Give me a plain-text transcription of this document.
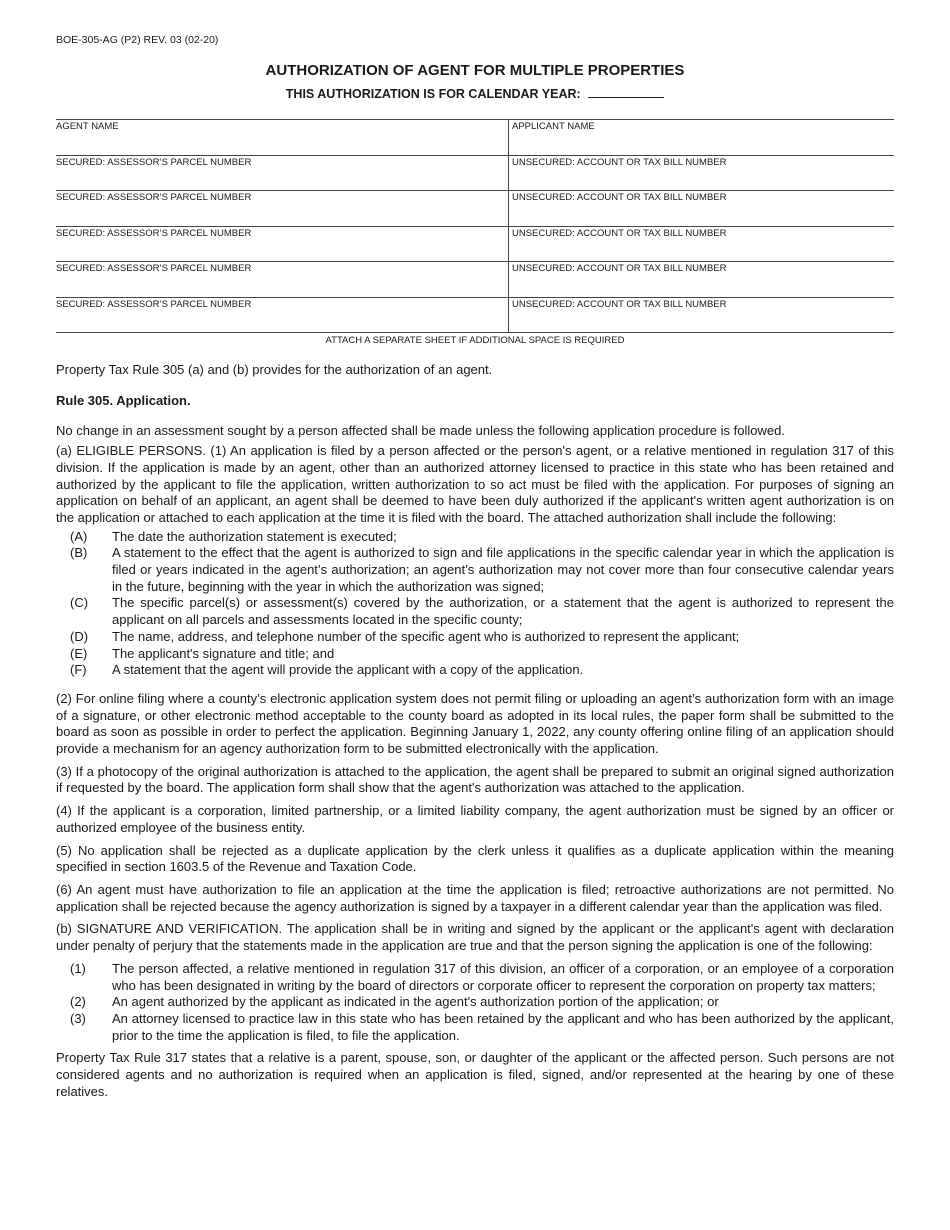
BOE-305-AG (P2) REV. 03 (02-20)
AUTHORIZATION OF AGENT FOR MULTIPLE PROPERTIES
THIS AUTHORIZATION IS FOR CALENDAR YEAR:
AGENT NAME	APPLICANT NAME
SECURED: ASSESSOR’S PARCEL NUMBER	UNSECURED: ACCOUNT OR TAX BILL NUMBER
SECURED: ASSESSOR’S PARCEL NUMBER	UNSECURED: ACCOUNT OR TAX BILL NUMBER
SECURED: ASSESSOR’S PARCEL NUMBER	UNSECURED: ACCOUNT OR TAX BILL NUMBER
SECURED: ASSESSOR’S PARCEL NUMBER	UNSECURED: ACCOUNT OR TAX BILL NUMBER
SECURED: ASSESSOR’S PARCEL NUMBER	UNSECURED: ACCOUNT OR TAX BILL NUMBER
ATTACH A SEPARATE SHEET IF ADDITIONAL SPACE IS REQUIRED

Property Tax Rule 305 (a) and (b) provides for the authorization of an agent.

Rule 305. Application.

No change in an assessment sought by a person affected shall be made unless the following application procedure is followed.

(a) ELIGIBLE PERSONS. (1) An application is filed by a person affected or the person's agent, or a relative mentioned in regulation 317 of this division. If the application is made by an agent, other than an authorized attorney licensed to practice in this state who has been retained and authorized by the applicant to file the application, written authorization to so act must be filed with the application. For purposes of signing an application on behalf of an applicant, an agent shall be deemed to have been duly authorized if the applicant's written agent authorization is on the application or attached to each application at the time it is filed with the board. The attached authorization shall include the following:

(A) The date the authorization statement is executed;
(B) A statement to the effect that the agent is authorized to sign and file applications in the specific calendar year in which the application is filed or years indicated in the agent’s authorization; an agent’s authorization may not cover more than four consecutive calendar years in the future, beginning with the year in which the authorization was signed;
(C) The specific parcel(s) or assessment(s) covered by the authorization, or a statement that the agent is authorized to represent the applicant on all parcels and assessments located in the specific county;
(D) The name, address, and telephone number of the specific agent who is authorized to represent the applicant;
(E) The applicant's signature and title; and
(F) A statement that the agent will provide the applicant with a copy of the application.

(2) For online filing where a county’s electronic application system does not permit filing or uploading an agent’s authorization form with an image of a signature, or other electronic method acceptable to the county board as adopted in its local rules, the paper form shall be submitted to the board as soon as possible in order to perfect the application. Beginning January 1, 2022, any county offering online filing of an application should provide a mechanism for an agency authorization form to be submitted electronically with the application.

(3) If a photocopy of the original authorization is attached to the application, the agent shall be prepared to submit an original signed authorization if requested by the board. The application form shall show that the agent's authorization was attached to the application.

(4) If the applicant is a corporation, limited partnership, or a limited liability company, the agent authorization must be signed by an officer or authorized employee of the business entity.

(5) No application shall be rejected as a duplicate application by the clerk unless it qualifies as a duplicate application within the meaning specified in section 1603.5 of the Revenue and Taxation Code.

(6) An agent must have authorization to file an application at the time the application is filed; retroactive authorizations are not permitted. No application shall be rejected because the agency authorization is signed by a taxpayer in a different calendar year than the application was filed.

(b) SIGNATURE AND VERIFICATION. The application shall be in writing and signed by the applicant or the applicant's agent with declaration under penalty of perjury that the statements made in the application are true and that the person signing the application is one of the following:

(1) The person affected, a relative mentioned in regulation 317 of this division, an officer of a corporation, or an employee of a corporation who has been designated in writing by the board of directors or corporate officer to represent the corporation on property tax matters;
(2) An agent authorized by the applicant as indicated in the agent's authorization portion of the application; or
(3) An attorney licensed to practice law in this state who has been retained by the applicant and who has been authorized by the applicant, prior to the time the application is filed, to file the application.

Property Tax Rule 317 states that a relative is a parent, spouse, son, or daughter of the applicant or the affected person. Such persons are not considered agents and no authorization is required when an application is filed, signed, and/or represented at the hearing by one of these relatives.
